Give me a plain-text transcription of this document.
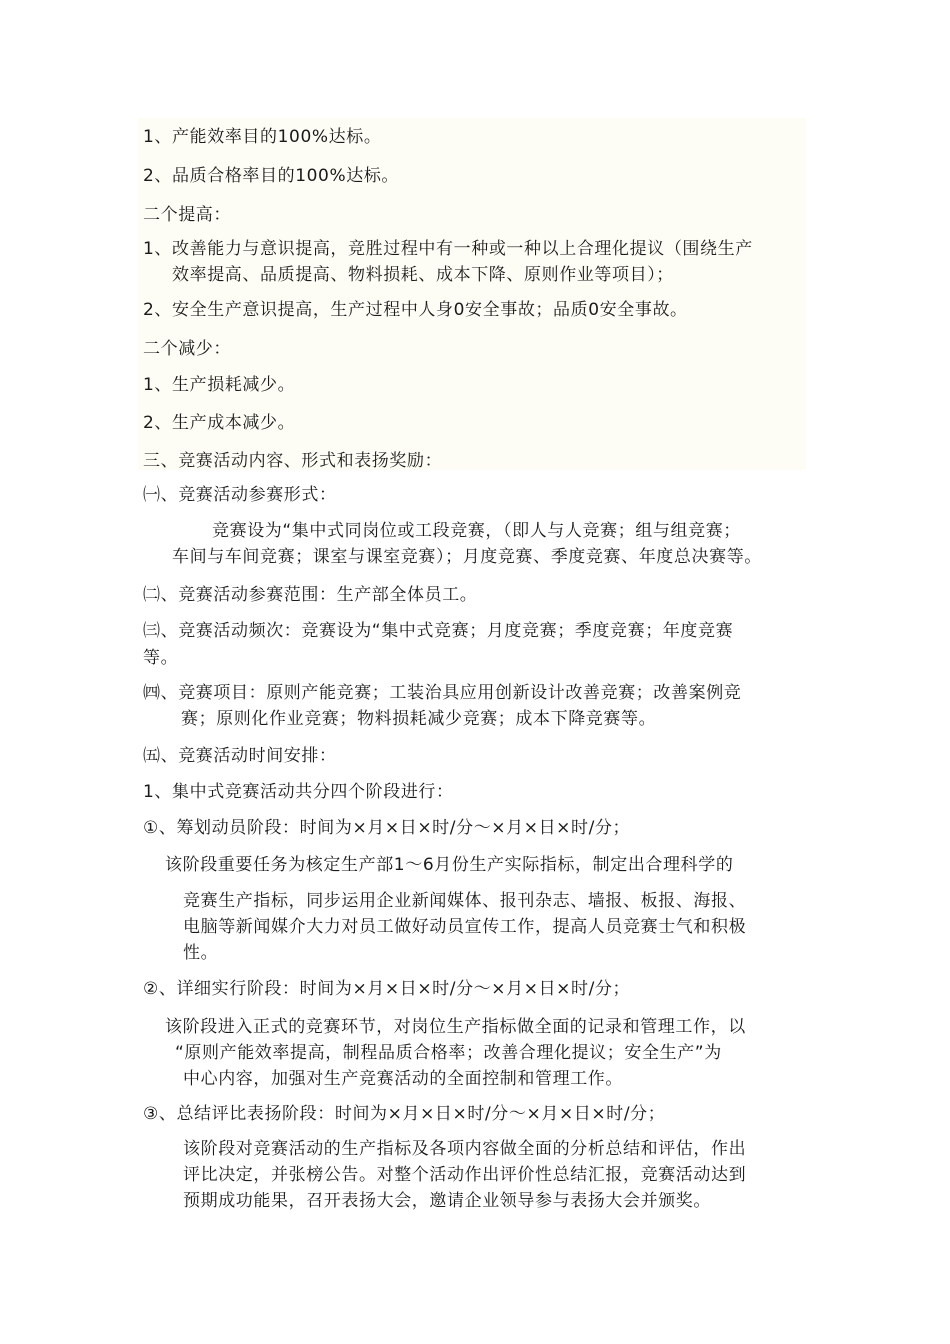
1、产能效率目的100%达标。

2、品质合格率目的100%达标。

二个提高：

1、改善能力与意识提高，竞胜过程中有一种或一种以上合理化提议（围绕生产

效率提高、品质提高、物料损耗、成本下降、原则作业等项目）；

2、安全生产意识提高，生产过程中人身0安全事故；品质0安全事故。

二个减少：

1、生产损耗减少。

2、生产成本减少。

三、竞赛活动内容、形式和表扬奖励：

㈠、竞赛活动参赛形式：

竞赛设为“集中式同岗位或工段竞赛，（即人与人竞赛；组与组竞赛；

车间与车间竞赛；课室与课室竞赛）；月度竞赛、季度竞赛、年度总决赛等。

㈡、竞赛活动参赛范围：生产部全体员工。

㈢、竞赛活动频次：竞赛设为“集中式竞赛；月度竞赛；季度竞赛；年度竞赛

等。

㈣、竞赛项目：原则产能竞赛；工装治具应用创新设计改善竞赛；改善案例竞

赛；原则化作业竞赛；物料损耗减少竞赛；成本下降竞赛等。

㈤、竞赛活动时间安排：

1、集中式竞赛活动共分四个阶段进行：

①、筹划动员阶段：时间为×月×日×时/分～×月×日×时/分；

该阶段重要任务为核定生产部1～6月份生产实际指标，制定出合理科学的

竞赛生产指标，同步运用企业新闻媒体、报刊杂志、墙报、板报、海报、

电脑等新闻媒介大力对员工做好动员宣传工作，提高人员竞赛士气和积极

性。

②、详细实行阶段：时间为×月×日×时/分～×月×日×时/分；

该阶段进入正式的竞赛环节，对岗位生产指标做全面的记录和管理工作，以

“原则产能效率提高，制程品质合格率；改善合理化提议；安全生产”为

中心内容，加强对生产竞赛活动的全面控制和管理工作。

③、总结评比表扬阶段：时间为×月×日×时/分～×月×日×时/分；

该阶段对竞赛活动的生产指标及各项内容做全面的分析总结和评估，作出

评比决定，并张榜公告。对整个活动作出评价性总结汇报，竞赛活动达到

预期成功能果，召开表扬大会，邀请企业领导参与表扬大会并颁奖。
